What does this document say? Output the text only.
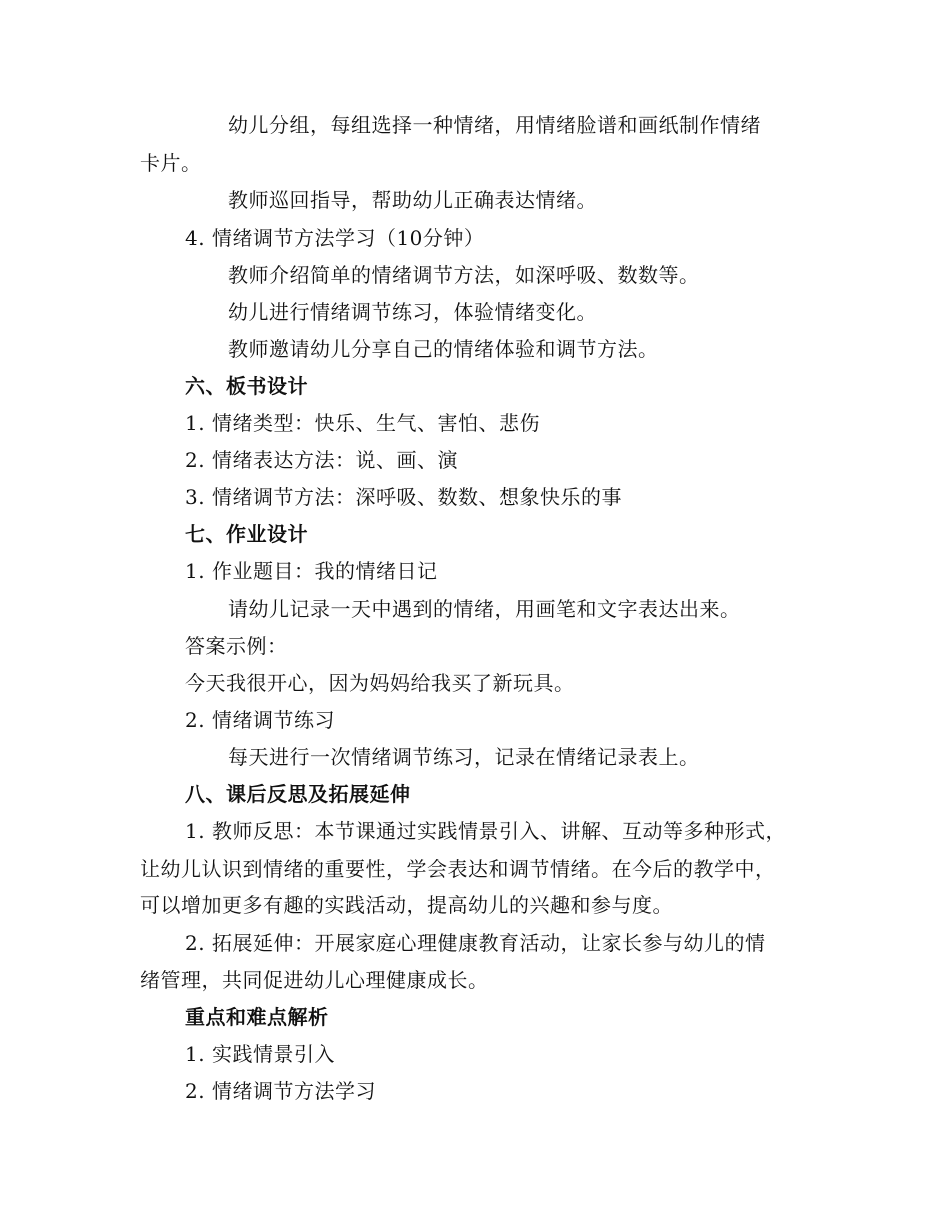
幼儿分组，每组选择一种情绪，用情绪脸谱和画纸制作情绪
卡片。
教师巡回指导，帮助幼儿正确表达情绪。
4. 情绪调节方法学习（10分钟）
教师介绍简单的情绪调节方法，如深呼吸、数数等。
幼儿进行情绪调节练习，体验情绪变化。
教师邀请幼儿分享自己的情绪体验和调节方法。
六、板书设计
1. 情绪类型：快乐、生气、害怕、悲伤
2. 情绪表达方法：说、画、演
3. 情绪调节方法：深呼吸、数数、想象快乐的事
七、作业设计
1. 作业题目：我的情绪日记
请幼儿记录一天中遇到的情绪，用画笔和文字表达出来。
答案示例：
今天我很开心，因为妈妈给我买了新玩具。
2. 情绪调节练习
每天进行一次情绪调节练习，记录在情绪记录表上。
八、课后反思及拓展延伸
1. 教师反思：本节课通过实践情景引入、讲解、互动等多种形式，
让幼儿认识到情绪的重要性，学会表达和调节情绪。在今后的教学中，
可以增加更多有趣的实践活动，提高幼儿的兴趣和参与度。
2. 拓展延伸：开展家庭心理健康教育活动，让家长参与幼儿的情
绪管理，共同促进幼儿心理健康成长。
重点和难点解析
1. 实践情景引入
2. 情绪调节方法学习
